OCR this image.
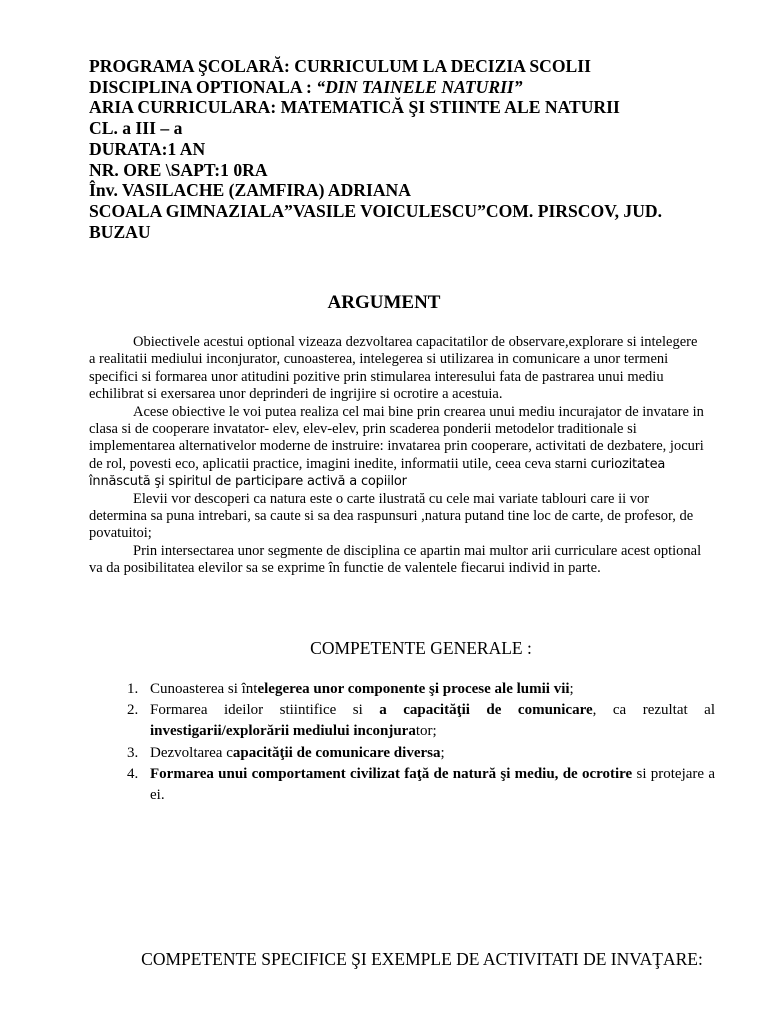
PROGRAMA ŞCOLARĂ: CURRICULUM LA DECIZIA SCOLII
DISCIPLINA OPTIONALA : “DIN TAINELE NATURII”
ARIA CURRICULARA: MATEMATICĂ ŞI STIINTE ALE NATURII
CL. a III – a
DURATA:1 AN
NR. ORE \SAPT:1 0RA
Înv. VASILACHE (ZAMFIRA) ADRIANA
SCOALA GIMNAZIALA”VASILE VOICULESCU”COM. PIRSCOV, JUD.
BUZAU
ARGUMENT

Obiectivele acestui optional vizeaza dezvoltarea capacitatilor de observare,explorare si intelegere a realitatii mediului inconjurator, cunoasterea, intelegerea si utilizarea in comunicare a unor termeni specifici si formarea unor atitudini pozitive prin stimularea interesului fata de pastrarea unui mediu echilibrat si exersarea unor deprinderi de ingrijire si ocrotire a acestuia.

Acese obiective le voi putea realiza cel mai bine prin crearea unui mediu incurajator de invatare in clasa si de cooperare invatator- elev, elev-elev, prin scaderea ponderii metodelor traditionale si implementarea alternativelor moderne de instruire: invatarea prin cooperare, activitati de dezbatere, jocuri de rol, povesti eco, aplicatii practice, imagini inedite, informatii utile, ceea ceva starni curiozitatea înnăscută şi spiritul de participare activă a copiilor

Elevii vor descoperi ca natura este o carte ilustrată cu cele mai variate tablouri care ii vor determina sa puna intrebari, sa caute si sa dea raspunsuri ,natura putand tine loc de carte, de profesor, de povatuitoi;

Prin intersectarea unor segmente de disciplina ce apartin mai multor arii curriculare acest optional va da posibilitatea elevilor sa se exprime în functie de valentele fiecarui individ in parte.

COMPETENTE GENERALE :
1. Cunoasterea si întelegerea unor componente şi procese ale lumii vii;
2. Formarea ideilor stiintifice si a capacităţii de comunicare, ca rezultat al investigarii/explorării mediului inconjurator;
3. Dezvoltarea capacităţii de comunicare diversa;
4. Formarea unui comportament civilizat faţă de natură şi mediu, de ocrotire si protejare a ei.
COMPETENTE SPECIFICE ŞI EXEMPLE DE ACTIVITATI DE INVAŢARE:
